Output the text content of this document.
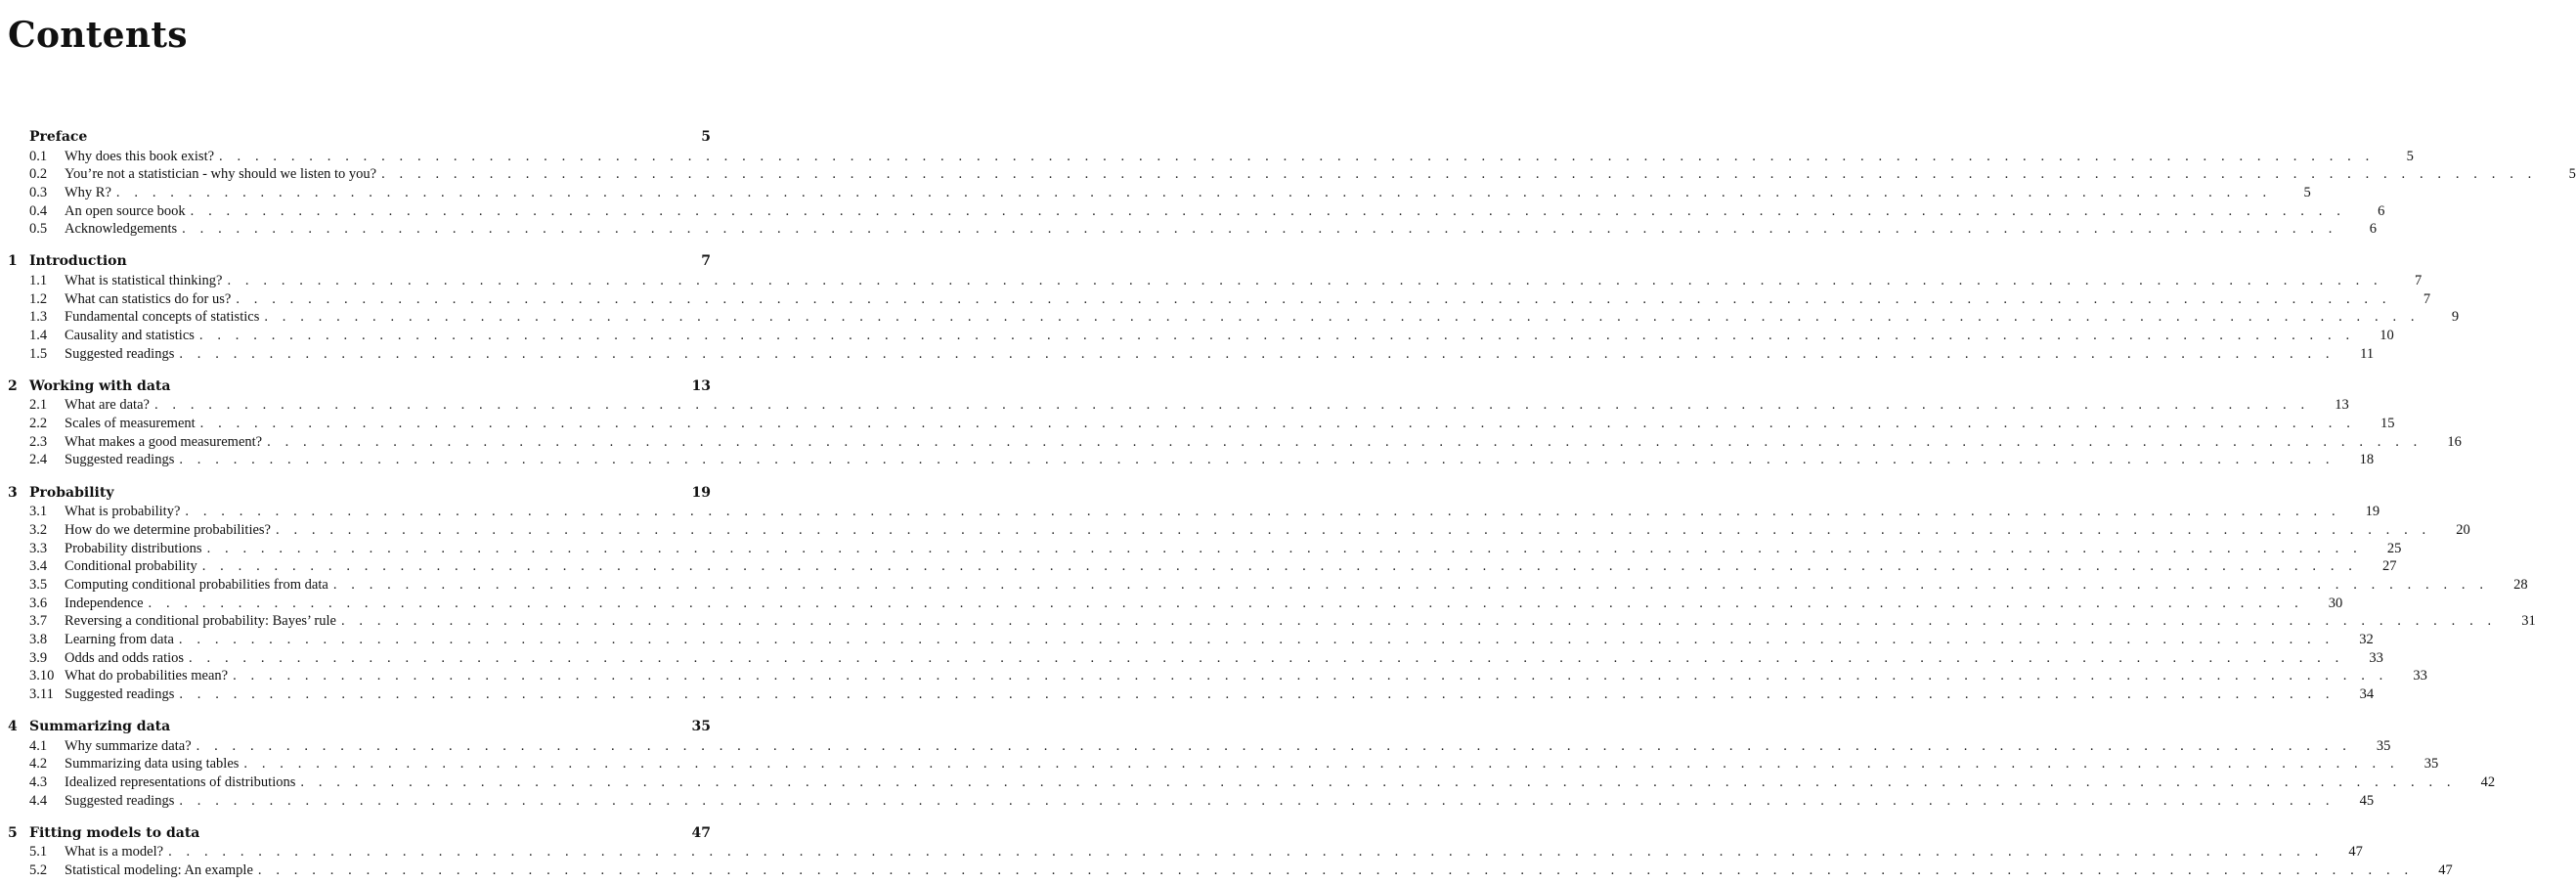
Contents
Preface	5
0.1	Why does this book exist? . . . . . . . . . . . . . . . . . . . . . . . . . . . . . . . . . . . . . . . . . . . . . . . . . . . . . . . . . . . . . . . . . . . . . . . . . . . . . . . . . . . . . . . . . . . . . . . . . . . . . . . . . . . . . . . . . . . . . . . .	5
0.2	You’re not a statistician - why should we listen to you? . . . . . . . . . . . . . . . . . . . . . . . . . . . . . . . . . . . . . . . . . . . . . . . . . . . . . . . . . . . . . . . . . . . . . . . . . . . . . . . . . . . . . . . . . . . . . . . . . . . . . . . . . . . . . . . . . . . . . . . .	5
0.3	Why R? . . . . . . . . . . . . . . . . . . . . . . . . . . . . . . . . . . . . . . . . . . . . . . . . . . . . . . . . . . . . . . . . . . . . . . . . . . . . . . . . . . . . . . . . . . . . . . . . . . . . . . . . . . . . . . . . . . . . . . . .	5
0.4	An open source book . . . . . . . . . . . . . . . . . . . . . . . . . . . . . . . . . . . . . . . . . . . . . . . . . . . . . . . . . . . . . . . . . . . . . . . . . . . . . . . . . . . . . . . . . . . . . . . . . . . . . . . . . . . . . . . . . . . . . . . .	6
0.5	Acknowledgements . . . . . . . . . . . . . . . . . . . . . . . . . . . . . . . . . . . . . . . . . . . . . . . . . . . . . . . . . . . . . . . . . . . . . . . . . . . . . . . . . . . . . . . . . . . . . . . . . . . . . . . . . . . . . . . . . . . . . . . .	6
1 Introduction	7
1.1	What is statistical thinking? . . . . . . . . . . . . . . . . . . . . . . . . . . . . . . . . . . . . . . . . . . . . . . . . . . . . . . . . . . . . . . . . . . . . . . . . . . . . . . . . . . . . . . . . . . . . . . . . . . . . . . . . . . . . . . . . . . . . . . . .	7
1.2	What can statistics do for us? . . . . . . . . . . . . . . . . . . . . . . . . . . . . . . . . . . . . . . . . . . . . . . . . . . . . . . . . . . . . . . . . . . . . . . . . . . . . . . . . . . . . . . . . . . . . . . . . . . . . . . . . . . . . . . . . . . . . . . . .	7
1.3	Fundamental concepts of statistics . . . . . . . . . . . . . . . . . . . . . . . . . . . . . . . . . . . . . . . . . . . . . . . . . . . . . . . . . . . . . . . . . . . . . . . . . . . . . . . . . . . . . . . . . . . . . . . . . . . . . . . . . . . . . . . . . . . . . . . .	9
1.4	Causality and statistics . . . . . . . . . . . . . . . . . . . . . . . . . . . . . . . . . . . . . . . . . . . . . . . . . . . . . . . . . . . . . . . . . . . . . . . . . . . . . . . . . . . . . . . . . . . . . . . . . . . . . . . . . . . . . . . . . . . . . . . .	10
1.5	Suggested readings . . . . . . . . . . . . . . . . . . . . . . . . . . . . . . . . . . . . . . . . . . . . . . . . . . . . . . . . . . . . . . . . . . . . . . . . . . . . . . . . . . . . . . . . . . . . . . . . . . . . . . . . . . . . . . . . . . . . . . . .	11
2 Working with data	13
2.1	What are data? . . . . . . . . . . . . . . . . . . . . . . . . . . . . . . . . . . . . . . . . . . . . . . . . . . . . . . . . . . . . . . . . . . . . . . . . . . . . . . . . . . . . . . . . . . . . . . . . . . . . . . . . . . . . . . . . . . . . . . . .	13
2.2	Scales of measurement . . . . . . . . . . . . . . . . . . . . . . . . . . . . . . . . . . . . . . . . . . . . . . . . . . . . . . . . . . . . . . . . . . . . . . . . . . . . . . . . . . . . . . . . . . . . . . . . . . . . . . . . . . . . . . . . . . . . . . . .	15
2.3	What makes a good measurement? . . . . . . . . . . . . . . . . . . . . . . . . . . . . . . . . . . . . . . . . . . . . . . . . . . . . . . . . . . . . . . . . . . . . . . . . . . . . . . . . . . . . . . . . . . . . . . . . . . . . . . . . . . . . . . . . . . . . . . . .	16
2.4	Suggested readings . . . . . . . . . . . . . . . . . . . . . . . . . . . . . . . . . . . . . . . . . . . . . . . . . . . . . . . . . . . . . . . . . . . . . . . . . . . . . . . . . . . . . . . . . . . . . . . . . . . . . . . . . . . . . . . . . . . . . . . .	18
3 Probability	19
3.1	What is probability? . . . . . . . . . . . . . . . . . . . . . . . . . . . . . . . . . . . . . . . . . . . . . . . . . . . . . . . . . . . . . . . . . . . . . . . . . . . . . . . . . . . . . . . . . . . . . . . . . . . . . . . . . . . . . . . . . . . . . . . .	19
3.2	How do we determine probabilities? . . . . . . . . . . . . . . . . . . . . . . . . . . . . . . . . . . . . . . . . . . . . . . . . . . . . . . . . . . . . . . . . . . . . . . . . . . . . . . . . . . . . . . . . . . . . . . . . . . . . . . . . . . . . . . . . . . . . . . . .	20
3.3	Probability distributions . . . . . . . . . . . . . . . . . . . . . . . . . . . . . . . . . . . . . . . . . . . . . . . . . . . . . . . . . . . . . . . . . . . . . . . . . . . . . . . . . . . . . . . . . . . . . . . . . . . . . . . . . . . . . . . . . . . . . . . .	25
3.4	Conditional probability . . . . . . . . . . . . . . . . . . . . . . . . . . . . . . . . . . . . . . . . . . . . . . . . . . . . . . . . . . . . . . . . . . . . . . . . . . . . . . . . . . . . . . . . . . . . . . . . . . . . . . . . . . . . . . . . . . . . . . . .	27
3.5	Computing conditional probabilities from data . . . . . . . . . . . . . . . . . . . . . . . . . . . . . . . . . . . . . . . . . . . . . . . . . . . . . . . . . . . . . . . . . . . . . . . . . . . . . . . . . . . . . . . . . . . . . . . . . . . . . . . . . . . . . . . . . . . . . . . .	28
3.6	Independence . . . . . . . . . . . . . . . . . . . . . . . . . . . . . . . . . . . . . . . . . . . . . . . . . . . . . . . . . . . . . . . . . . . . . . . . . . . . . . . . . . . . . . . . . . . . . . . . . . . . . . . . . . . . . . . . . . . . . . . .	30
3.7	Reversing a conditional probability: Bayes’ rule . . . . . . . . . . . . . . . . . . . . . . . . . . . . . . . . . . . . . . . . . . . . . . . . . . . . . . . . . . . . . . . . . . . . . . . . . . . . . . . . . . . . . . . . . . . . . . . . . . . . . . . . . . . . . . . . . . . . . . . .	31
3.8	Learning from data . . . . . . . . . . . . . . . . . . . . . . . . . . . . . . . . . . . . . . . . . . . . . . . . . . . . . . . . . . . . . . . . . . . . . . . . . . . . . . . . . . . . . . . . . . . . . . . . . . . . . . . . . . . . . . . . . . . . . . . .	32
3.9	Odds and odds ratios . . . . . . . . . . . . . . . . . . . . . . . . . . . . . . . . . . . . . . . . . . . . . . . . . . . . . . . . . . . . . . . . . . . . . . . . . . . . . . . . . . . . . . . . . . . . . . . . . . . . . . . . . . . . . . . . . . . . . . . .	33
3.10 What do probabilities mean? . . . . . . . . . . . . . . . . . . . . . . . . . . . . . . . . . . . . . . . . . . . . . . . . . . . . . . . . . . . . . . . . . . . . . . . . . . . . . . . . . . . . . . . . . . . . . . . . . . . . . . . . . . . . . . . . . . . . . . . .	33
3.11 Suggested readings . . . . . . . . . . . . . . . . . . . . . . . . . . . . . . . . . . . . . . . . . . . . . . . . . . . . . . . . . . . . . . . . . . . . . . . . . . . . . . . . . . . . . . . . . . . . . . . . . . . . . . . . . . . . . . . . . . . . . . . .	34
4 Summarizing data	35
4.1	Why summarize data? . . . . . . . . . . . . . . . . . . . . . . . . . . . . . . . . . . . . . . . . . . . . . . . . . . . . . . . . . . . . . . . . . . . . . . . . . . . . . . . . . . . . . . . . . . . . . . . . . . . . . . . . . . . . . . . . . . . . . . . .	35
4.2	Summarizing data using tables . . . . . . . . . . . . . . . . . . . . . . . . . . . . . . . . . . . . . . . . . . . . . . . . . . . . . . . . . . . . . . . . . . . . . . . . . . . . . . . . . . . . . . . . . . . . . . . . . . . . . . . . . . . . . . . . . . . . . . . .	35
4.3	Idealized representations of distributions . . . . . . . . . . . . . . . . . . . . . . . . . . . . . . . . . . . . . . . . . . . . . . . . . . . . . . . . . . . . . . . . . . . . . . . . . . . . . . . . . . . . . . . . . . . . . . . . . . . . . . . . . . . . . . . . . . . . . . . .	42
4.4	Suggested readings . . . . . . . . . . . . . . . . . . . . . . . . . . . . . . . . . . . . . . . . . . . . . . . . . . . . . . . . . . . . . . . . . . . . . . . . . . . . . . . . . . . . . . . . . . . . . . . . . . . . . . . . . . . . . . . . . . . . . . . .	45
5 Fitting models to data	47
5.1	What is a model? . . . . . . . . . . . . . . . . . . . . . . . . . . . . . . . . . . . . . . . . . . . . . . . . . . . . . . . . . . . . . . . . . . . . . . . . . . . . . . . . . . . . . . . . . . . . . . . . . . . . . . . . . . . . . . . . . . . . . . . .	47
5.2	Statistical modeling: An example . . . . . . . . . . . . . . . . . . . . . . . . . . . . . . . . . . . . . . . . . . . . . . . . . . . . . . . . . . . . . . . . . . . . . . . . . . . . . . . . . . . . . . . . . . . . . . . . . . . . . . . . . . . . . . . . . . . . . . . .	47
